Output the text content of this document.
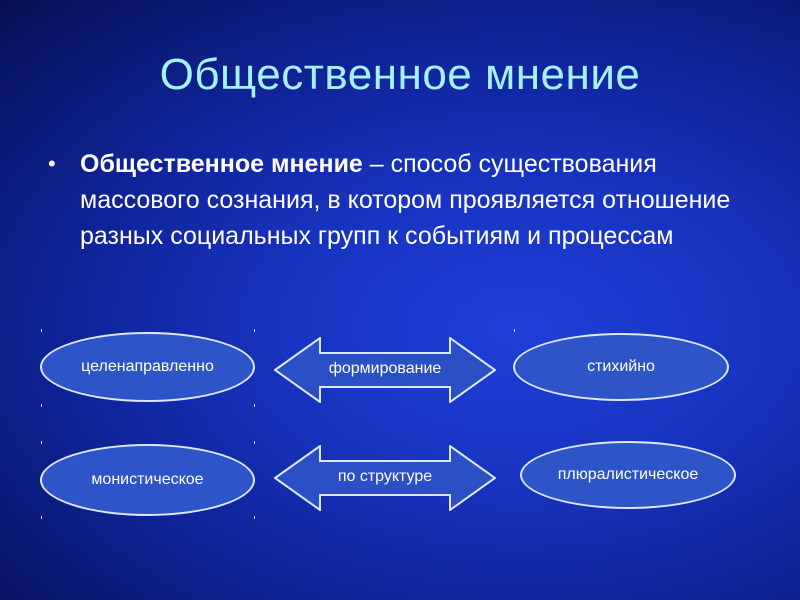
Общественное мнение
• Общественное мнение – способ существования массового сознания, в котором проявляется отношение разных социальных групп к событиям и процессам
целенаправленно	формирование	стихийно
монистическое	по структуре	плюралистическое
